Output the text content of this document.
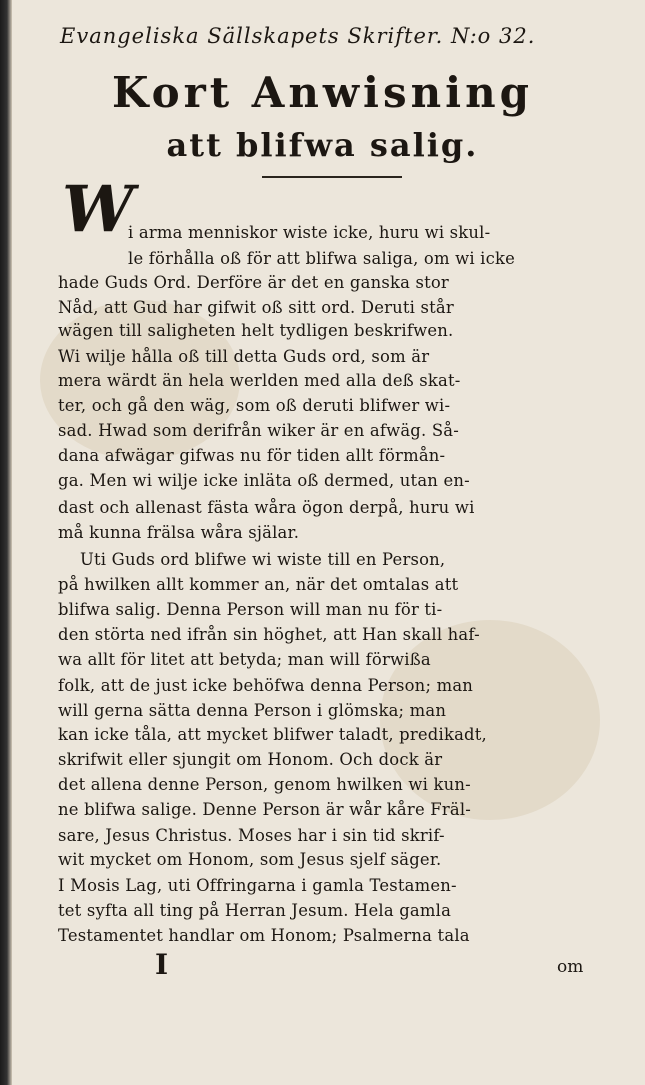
Evangeliska Sällskapets Skrifter. N:o 32.
Kort Anwisning
att blifwa salig.
W
i arma menniskor wiste icke, huru wi skul-
le förhålla oß för att blifwa saliga, om wi icke
hade Guds Ord. Derföre är det en ganska stor
Nåd, att Gud har gifwit oß sitt ord. Deruti står
wägen till saligheten helt tydligen beskrifwen.
Wi wilje hålla oß till detta Guds ord, som är
mera wärdt än hela werlden med alla deß skat-
ter, och gå den wäg, som oß deruti blifwer wi-
sad. Hwad som derifrån wiker är en afwäg. Så-
dana afwägar gifwas nu för tiden allt förmån-
ga. Men wi wilje icke inläta oß dermed, utan en-
dast och allenast fästa wåra ögon derpå, huru wi
må kunna frälsa wåra själar.
Uti Guds ord blifwe wi wiste till en Person,
på hwilken allt kommer an, när det omtalas att
blifwa salig. Denna Person will man nu för ti-
den störta ned ifrån sin höghet, att Han skall haf-
wa allt för litet att betyda; man will förwißa
folk, att de just icke behöfwa denna Person; man
will gerna sätta denna Person i glömska; man
kan icke tåla, att mycket blifwer taladt, predikadt,
skrifwit eller sjungit om Honom. Och dock är
det allena denne Person, genom hwilken wi kun-
ne blifwa salige. Denne Person är wår kåre Fräl-
sare, Jesus Christus. Moses har i sin tid skrif-
wit mycket om Honom, som Jesus sjelf säger.
I Mosis Lag, uti Offringarna i gamla Testamen-
tet syfta all ting på Herran Jesum. Hela gamla
Testamentet handlar om Honom; Psalmerna tala
I	om
